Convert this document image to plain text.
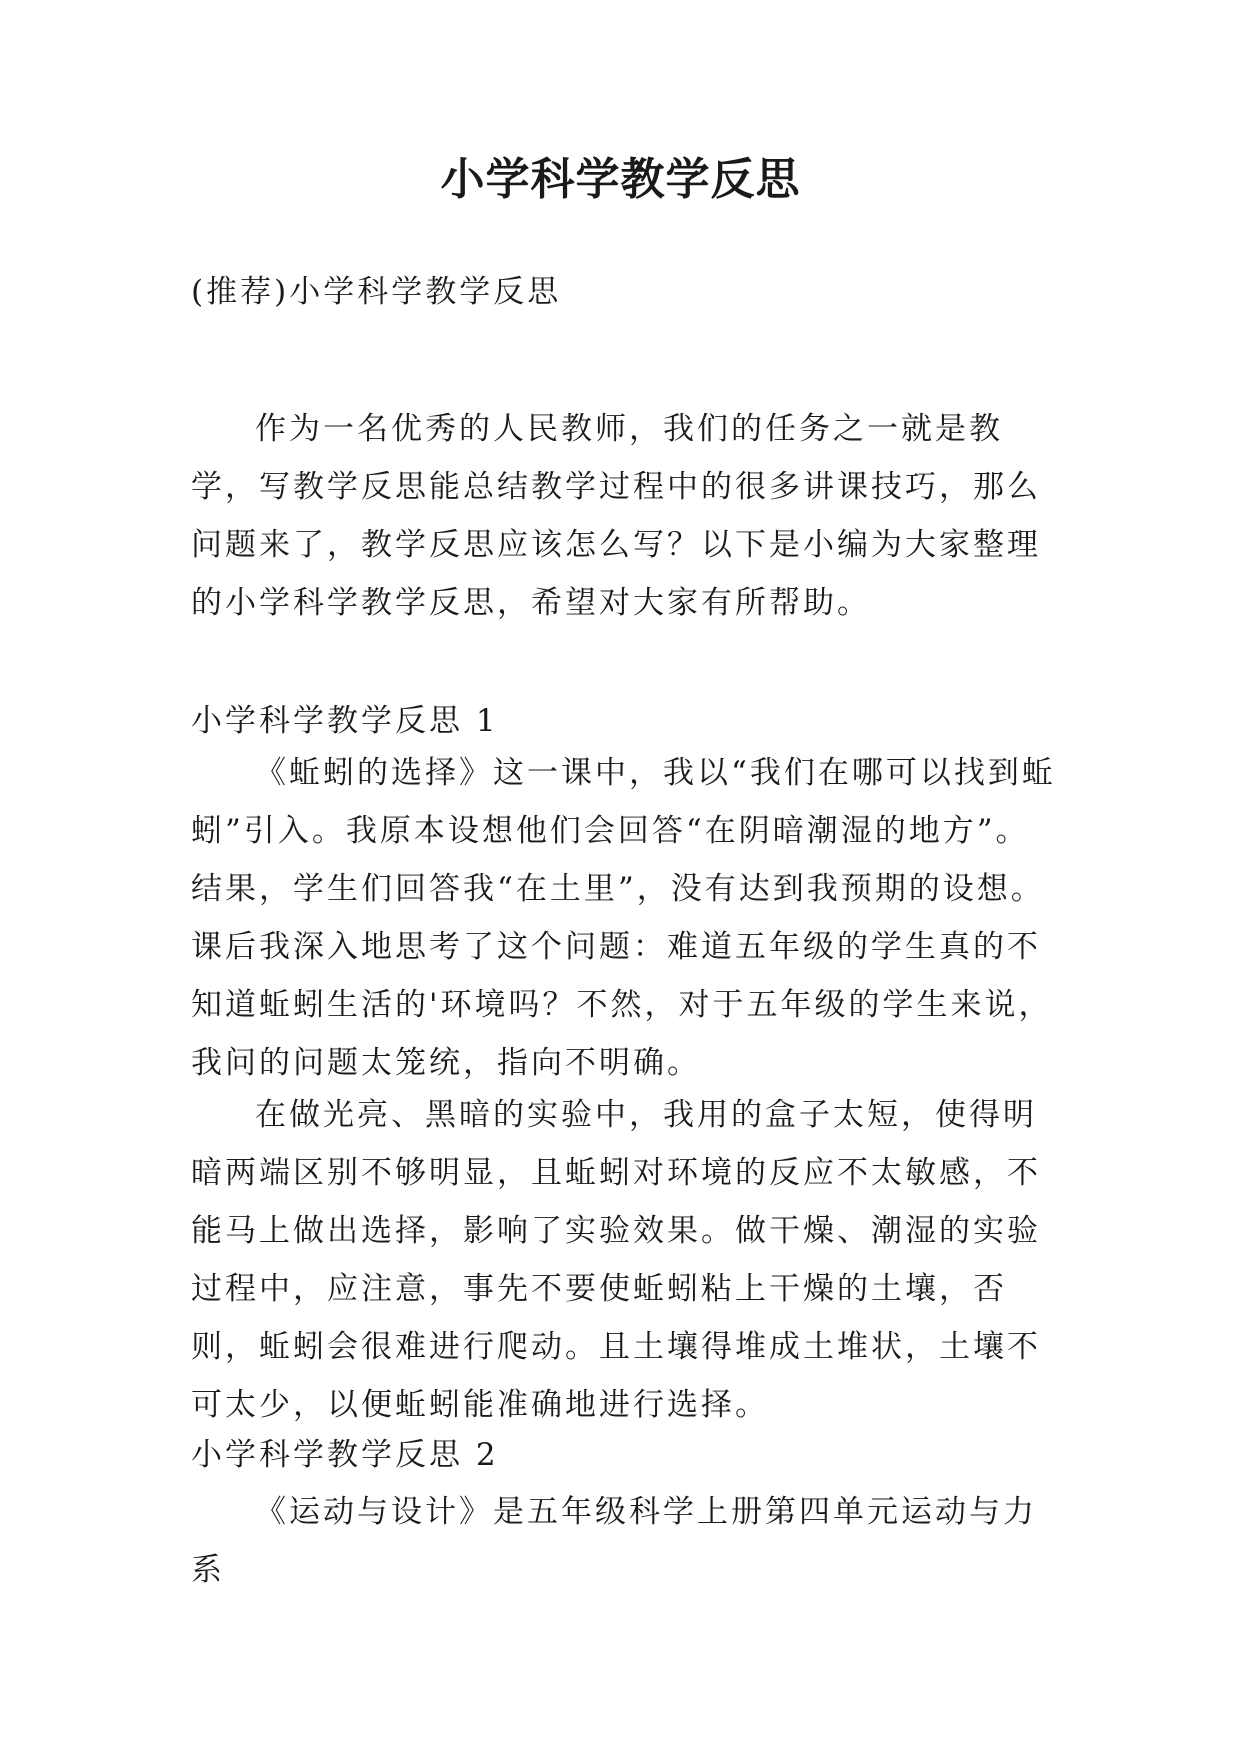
小学科学教学反思

(推荐)小学科学教学反思

作为一名优秀的人民教师，我们的任务之一就是教学，写教学反思能总结教学过程中的很多讲课技巧，那么问题来了，教学反思应该怎么写？以下是小编为大家整理的小学科学教学反思，希望对大家有所帮助。

小学科学教学反思 1

《蚯蚓的选择》这一课中，我以“我们在哪可以找到蚯蚓”引入。我原本设想他们会回答“在阴暗潮湿的地方”。结果，学生们回答我“在土里”，没有达到我预期的设想。课后我深入地思考了这个问题：难道五年级的学生真的不知道蚯蚓生活的'环境吗？不然，对于五年级的学生来说，我问的问题太笼统，指向不明确。

在做光亮、黑暗的实验中，我用的盒子太短，使得明暗两端区别不够明显，且蚯蚓对环境的反应不太敏感，不能马上做出选择，影响了实验效果。做干燥、潮湿的实验过程中，应注意，事先不要使蚯蚓粘上干燥的土壤，否则，蚯蚓会很难进行爬动。且土壤得堆成土堆状，土壤不可太少，以便蚯蚓能准确地进行选择。

小学科学教学反思 2

《运动与设计》是五年级科学上册第四单元运动与力系
